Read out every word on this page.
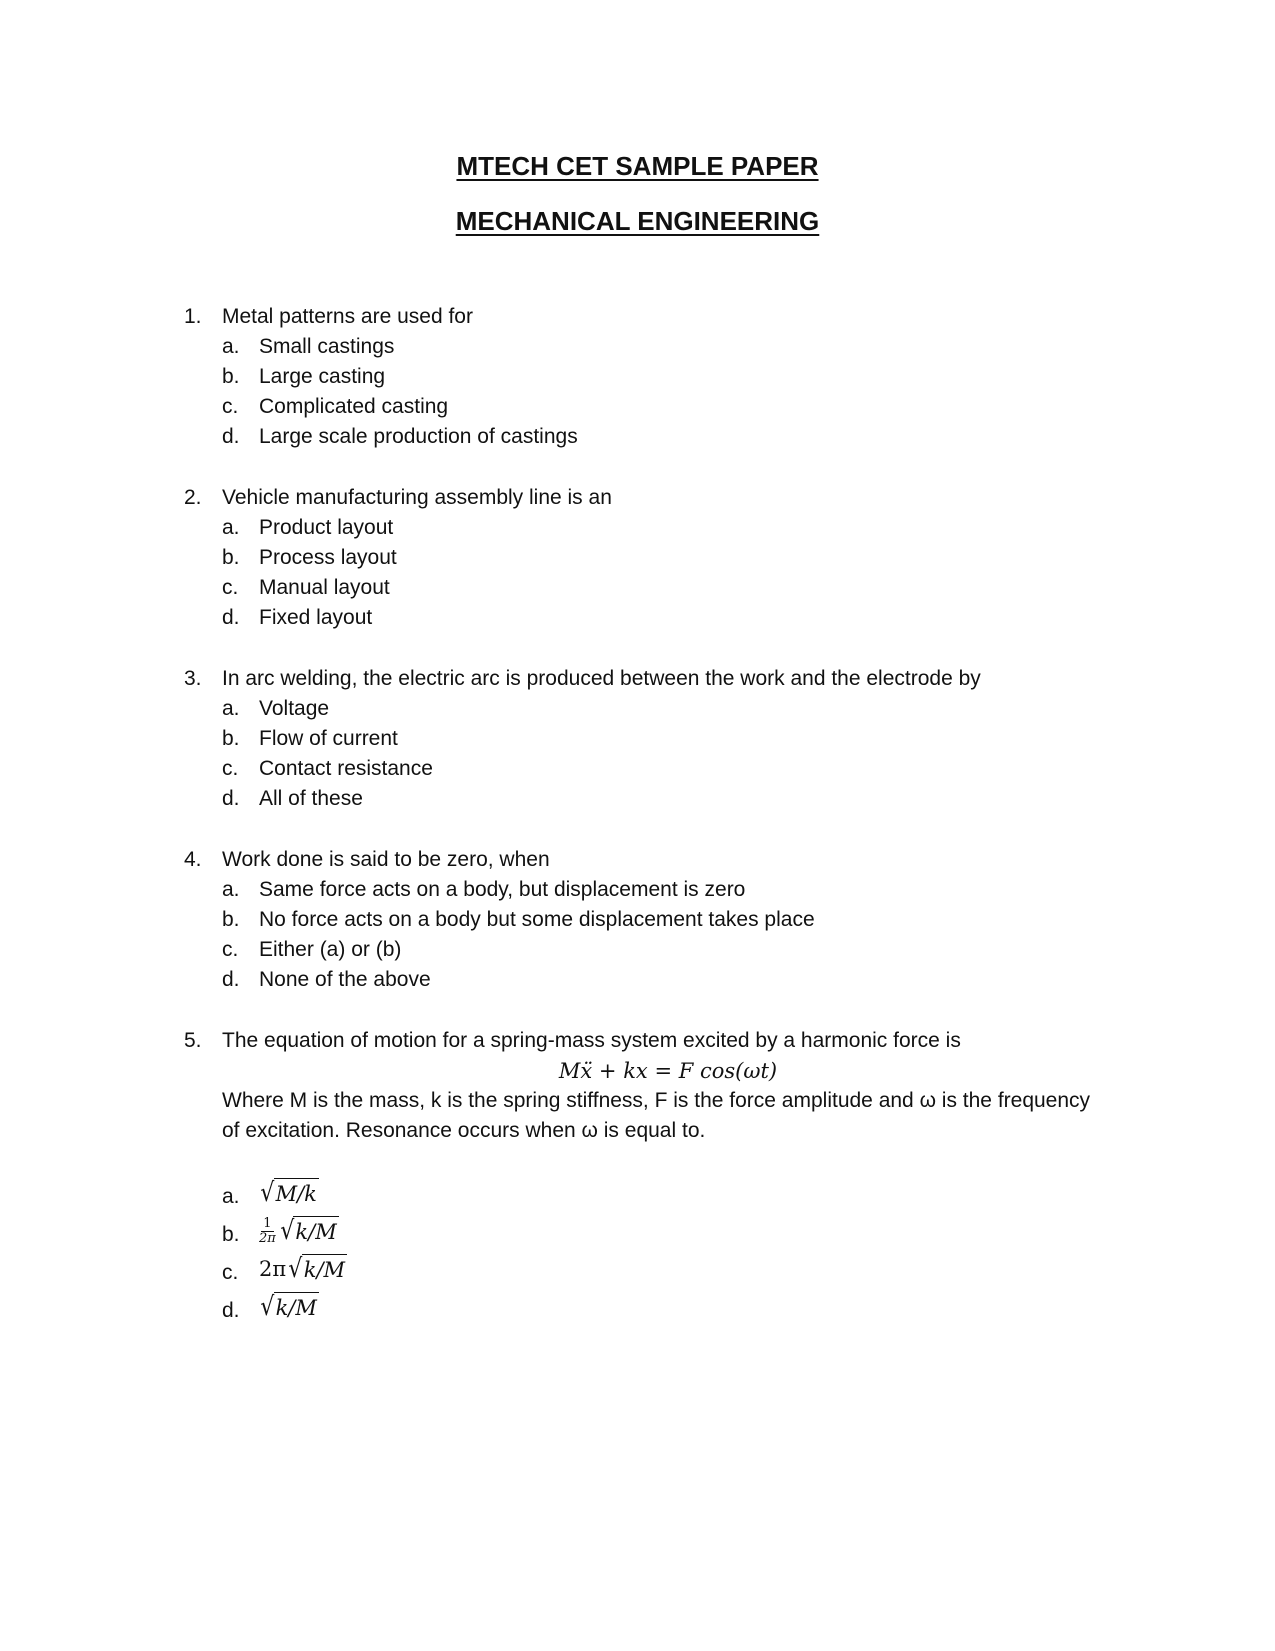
MTECH CET SAMPLE PAPER
MECHANICAL ENGINEERING
1. Metal patterns are used for
a. Small castings
b. Large casting
c. Complicated casting
d. Large scale production of castings
2. Vehicle manufacturing assembly line is an
a. Product layout
b. Process layout
c. Manual layout
d. Fixed layout
3. In arc welding, the electric arc is produced between the work and the electrode by
a. Voltage
b. Flow of current
c. Contact resistance
d. All of these
4. Work done is said to be zero, when
a. Same force acts on a body, but displacement is zero
b. No force acts on a body but some displacement takes place
c. Either (a) or (b)
d. None of the above
5. The equation of motion for a spring-mass system excited by a harmonic force is
Mẍ + kx = F cos(ωt)
Where M is the mass, k is the spring stiffness, F is the force amplitude and ω is the frequency of excitation. Resonance occurs when ω is equal to.
a. √ M/k
b. $\frac{1}{2\pi}$ √ k/M
c. 2π √ k/M
d. √ k/M
